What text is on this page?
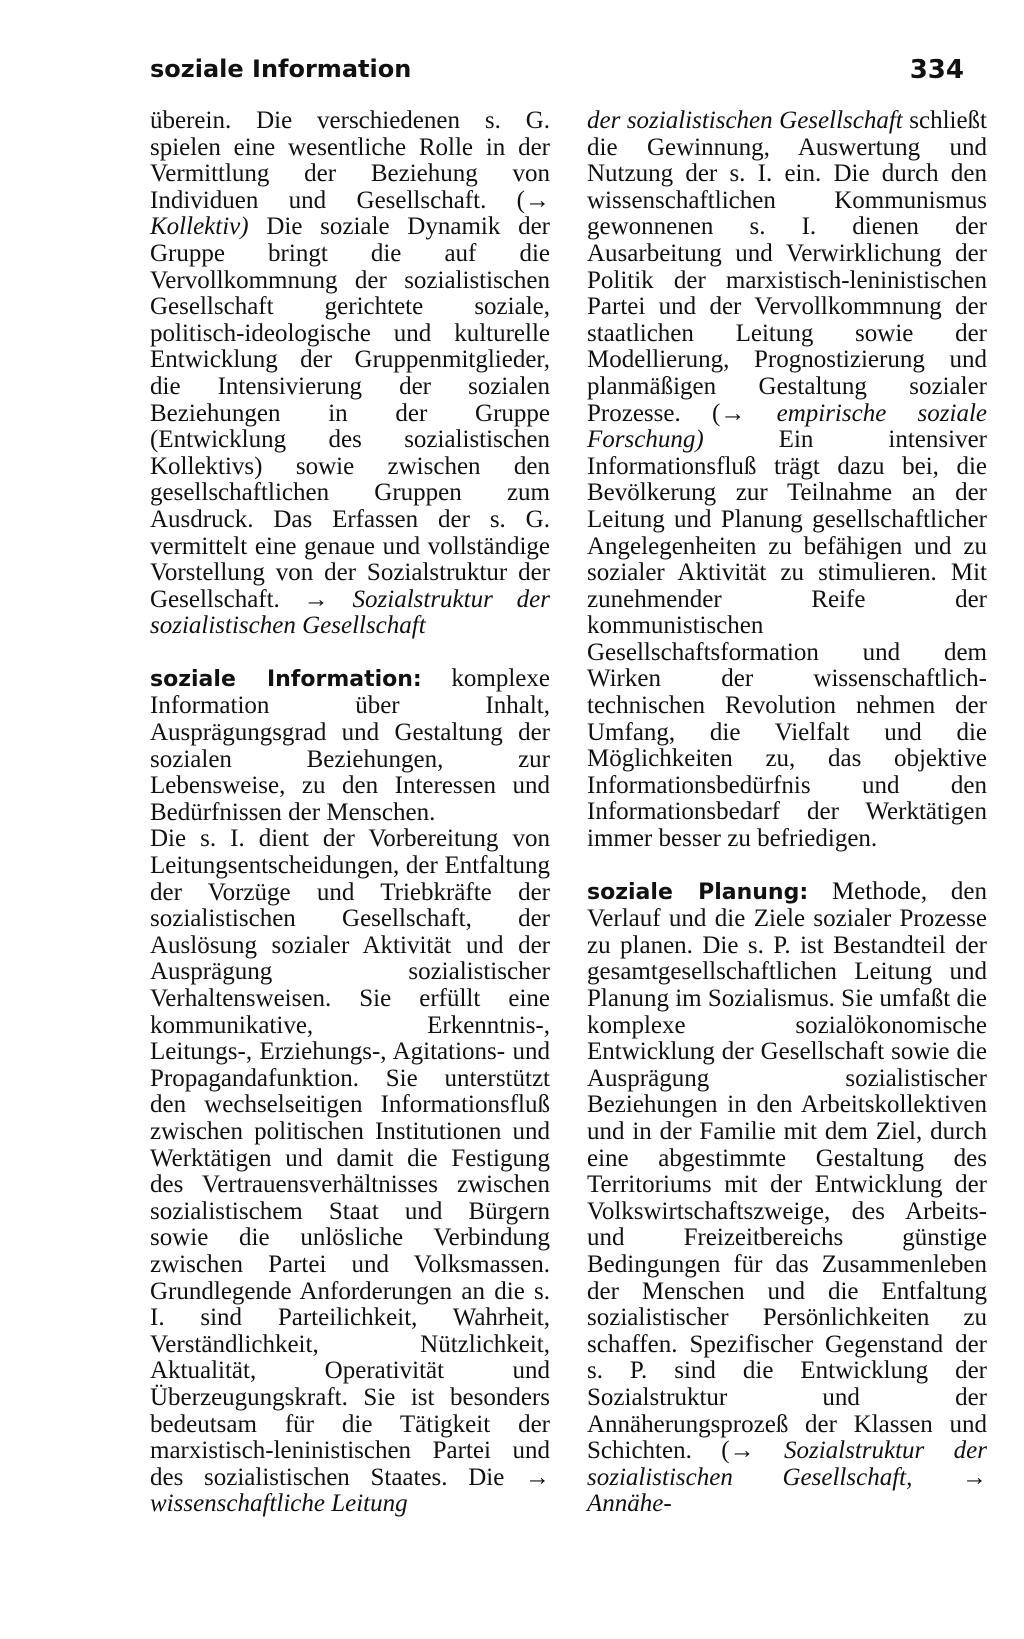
soziale Information	334

überein. Die verschiedenen s. G. spielen eine wesentliche Rolle in der Vermittlung der Beziehung von Individuen und Gesellschaft. (→ Kollektiv) Die soziale Dynamik der Gruppe bringt die auf die Vervollkommnung der sozialistischen Gesellschaft gerichtete soziale, politisch-ideologische und kulturelle Entwicklung der Gruppenmitglieder, die Intensivierung der sozialen Beziehungen in der Gruppe (Entwicklung des sozialistischen Kollektivs) sowie zwischen den gesellschaftlichen Gruppen zum Ausdruck. Das Erfassen der s. G. vermittelt eine genaue und vollständige Vorstellung von der Sozialstruktur der Gesellschaft. → Sozialstruktur der sozialistischen Gesellschaft

soziale Information: komplexe Information über Inhalt, Ausprägungsgrad und Gestaltung der sozialen Beziehungen, zur Lebensweise, zu den Interessen und Bedürfnissen der Menschen.

Die s. I. dient der Vorbereitung von Leitungsentscheidungen, der Entfaltung der Vorzüge und Triebkräfte der sozialistischen Gesellschaft, der Auslösung sozialer Aktivität und der Ausprägung sozialistischer Verhaltensweisen. Sie erfüllt eine kommunikative, Erkenntnis-, Leitungs-, Erziehungs-, Agitations- und Propagandafunktion. Sie unterstützt den wechselseitigen Informationsfluß zwischen politischen Institutionen und Werktätigen und damit die Festigung des Vertrauensverhältnisses zwischen sozialistischem Staat und Bürgern sowie die unlösliche Verbindung zwischen Partei und Volksmassen. Grundlegende Anforderungen an die s. I. sind Parteilichkeit, Wahrheit, Verständlichkeit, Nützlichkeit, Aktualität, Operativität und Überzeugungskraft. Sie ist besonders bedeutsam für die Tätigkeit der marxistisch-leninistischen Partei und des sozialistischen Staates. Die → wissenschaftliche Leitung

der sozialistischen Gesellschaft schließt die Gewinnung, Auswertung und Nutzung der s. I. ein. Die durch den wissenschaftlichen Kommunismus gewonnenen s. I. dienen der Ausarbeitung und Verwirklichung der Politik der marxistisch-leninistischen Partei und der Vervollkommnung der staatlichen Leitung sowie der Modellierung, Prognostizierung und planmäßigen Gestaltung sozialer Prozesse. (→ empirische soziale Forschung) Ein intensiver Informationsfluß trägt dazu bei, die Bevölkerung zur Teilnahme an der Leitung und Planung gesellschaftlicher Angelegenheiten zu befähigen und zu sozialer Aktivität zu stimulieren. Mit zunehmender Reife der kommunistischen Gesellschaftsformation und dem Wirken der wissenschaftlich-technischen Revolution nehmen der Umfang, die Vielfalt und die Möglichkeiten zu, das objektive Informationsbedürfnis und den Informationsbedarf der Werktätigen immer besser zu befriedigen.

soziale Planung: Methode, den Verlauf und die Ziele sozialer Prozesse zu planen. Die s. P. ist Bestandteil der gesamtgesellschaftlichen Leitung und Planung im Sozialismus. Sie umfaßt die komplexe sozialökonomische Entwicklung der Gesellschaft sowie die Ausprägung sozialistischer Beziehungen in den Arbeitskollektiven und in der Familie mit dem Ziel, durch eine abgestimmte Gestaltung des Territoriums mit der Entwicklung der Volkswirtschaftszweige, des Arbeits- und Freizeitbereichs günstige Bedingungen für das Zusammenleben der Menschen und die Entfaltung sozialistischer Persönlichkeiten zu schaffen. Spezifischer Gegenstand der s. P. sind die Entwicklung der Sozialstruktur und der Annäherungsprozeß der Klassen und Schichten. (→ Sozialstruktur der sozialistischen Gesellschaft, → Annähe-
